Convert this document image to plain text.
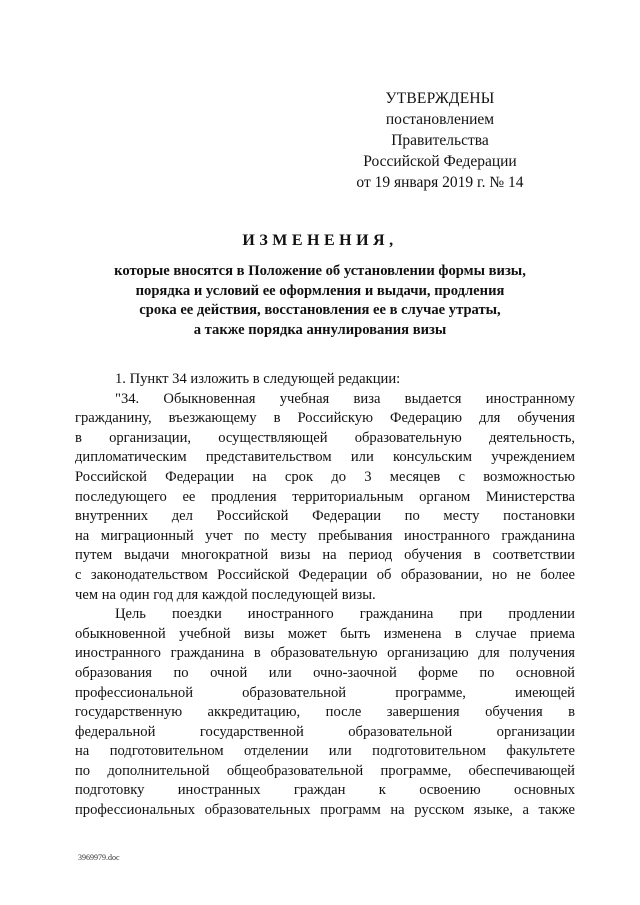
УТВЕРЖДЕНЫ
постановлением Правительства
Российской Федерации
от 19 января 2019 г. № 14
ИЗМЕНЕНИЯ,
которые вносятся в Положение об установлении формы визы,
порядка и условий ее оформления и выдачи, продления
срока ее действия, восстановления ее в случае утраты,
а также порядка аннулирования визы
1. Пункт 34 изложить в следующей редакции:
"34. Обыкновенная учебная виза выдается иностранному
гражданину, въезжающему в Российскую Федерацию для обучения
в организации, осуществляющей образовательную деятельность,
дипломатическим представительством или консульским учреждением
Российской Федерации на срок до 3 месяцев с возможностью
последующего ее продления территориальным органом Министерства
внутренних дел Российской Федерации по месту постановки
на миграционный учет по месту пребывания иностранного гражданина
путем выдачи многократной визы на период обучения в соответствии
с законодательством Российской Федерации об образовании, но не более
чем на один год для каждой последующей визы.
Цель поездки иностранного гражданина при продлении
обыкновенной учебной визы может быть изменена в случае приема
иностранного гражданина в образовательную организацию для получения
образования по очной или очно-заочной форме по основной
профессиональной образовательной программе, имеющей
государственную аккредитацию, после завершения обучения в
федеральной государственной образовательной организации
на подготовительном отделении или подготовительном факультете
по дополнительной общеобразовательной программе, обеспечивающей
подготовку иностранных граждан к освоению основных
профессиональных образовательных программ на русском языке, а также
3969979.doc
